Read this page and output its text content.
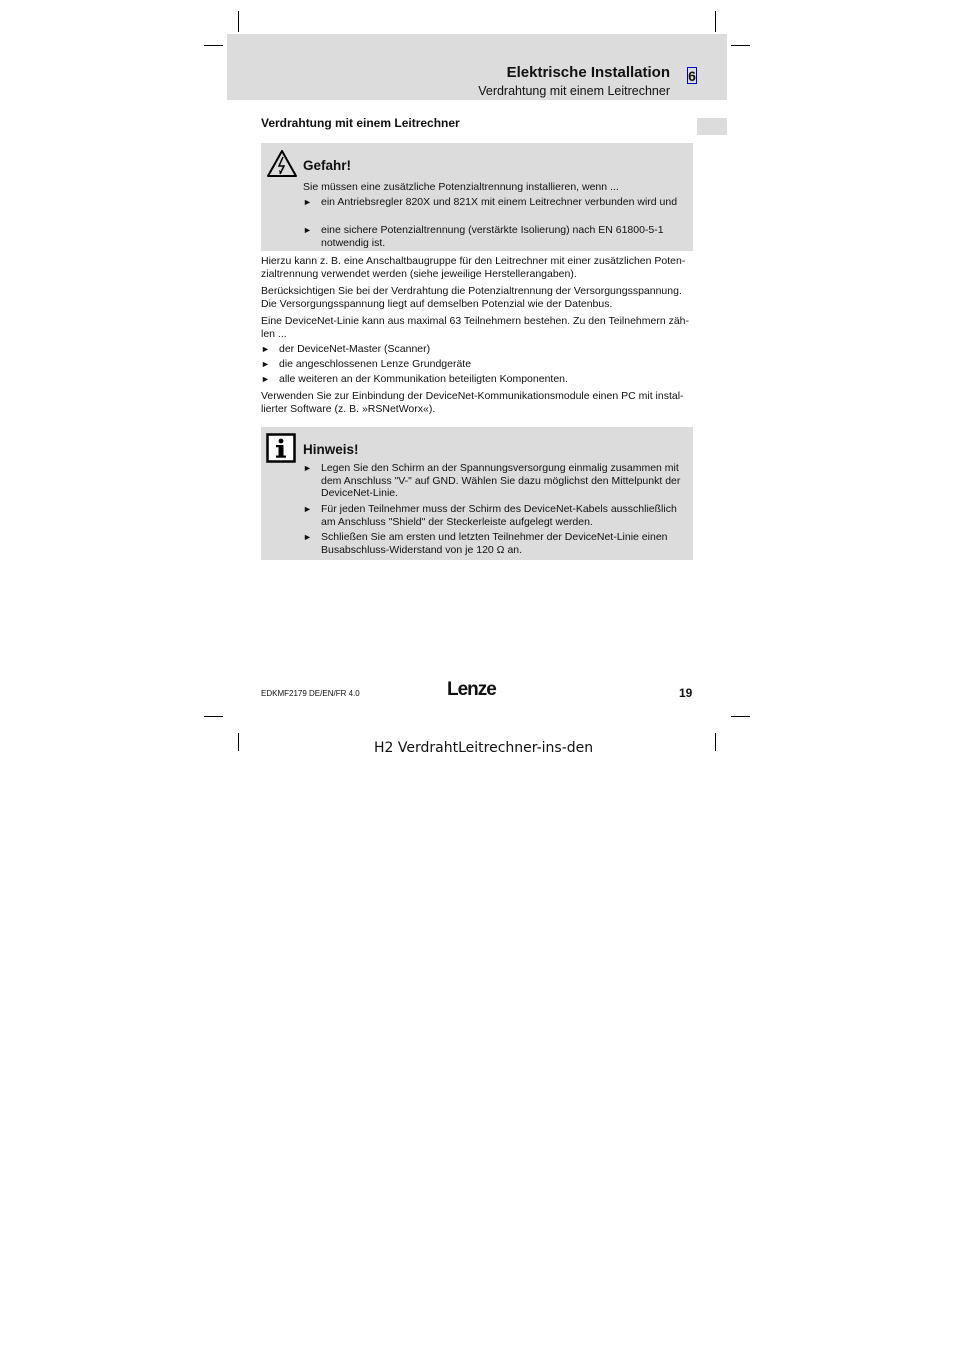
Elektrische Installation
Verdrahtung mit einem Leitrechner
6
Verdrahtung mit einem Leitrechner
Gefahr!
Sie müssen eine zusätzliche Potenzialtrennung installieren, wenn ...
► ein Antriebsregler 820X und 821X mit einem Leitrechner verbunden wird und
► eine sichere Potenzialtrennung (verstärkte Isolierung) nach EN 61800-5-1 notwendig ist.
Hierzu kann z. B. eine Anschaltbaugruppe für den Leitrechner mit einer zusätzlichen Poten-zialtrennung verwendet werden (siehe jeweilige Herstellerangaben).
Berücksichtigen Sie bei der Verdrahtung die Potenzialtrennung der Versorgungsspannung. Die Versorgungsspannung liegt auf demselben Potenzial wie der Datenbus.
Eine DeviceNet-Linie kann aus maximal 63 Teilnehmern bestehen. Zu den Teilnehmern zäh-len ...
► der DeviceNet-Master (Scanner)
► die angeschlossenen Lenze Grundgeräte
► alle weiteren an der Kommunikation beteiligten Komponenten.
Verwenden Sie zur Einbindung der DeviceNet-Kommunikationsmodule einen PC mit instal-lierter Software (z. B. »RSNetWorx«).
Hinweis!
► Legen Sie den Schirm an der Spannungsversorgung einmalig zusammen mit dem Anschluss "V-" auf GND. Wählen Sie dazu möglichst den Mittelpunkt der DeviceNet-Linie.
► Für jeden Teilnehmer muss der Schirm des DeviceNet-Kabels ausschließlich am Anschluss "Shield" der Steckerleiste aufgelegt werden.
► Schließen Sie am ersten und letzten Teilnehmer der DeviceNet-Linie einen Busabschluss-Widerstand von je 120 Ω an.
EDKMF2179 DE/EN/FR 4.0	Lenze	19
H2 VerdrahtLeitrechner-ins-den
